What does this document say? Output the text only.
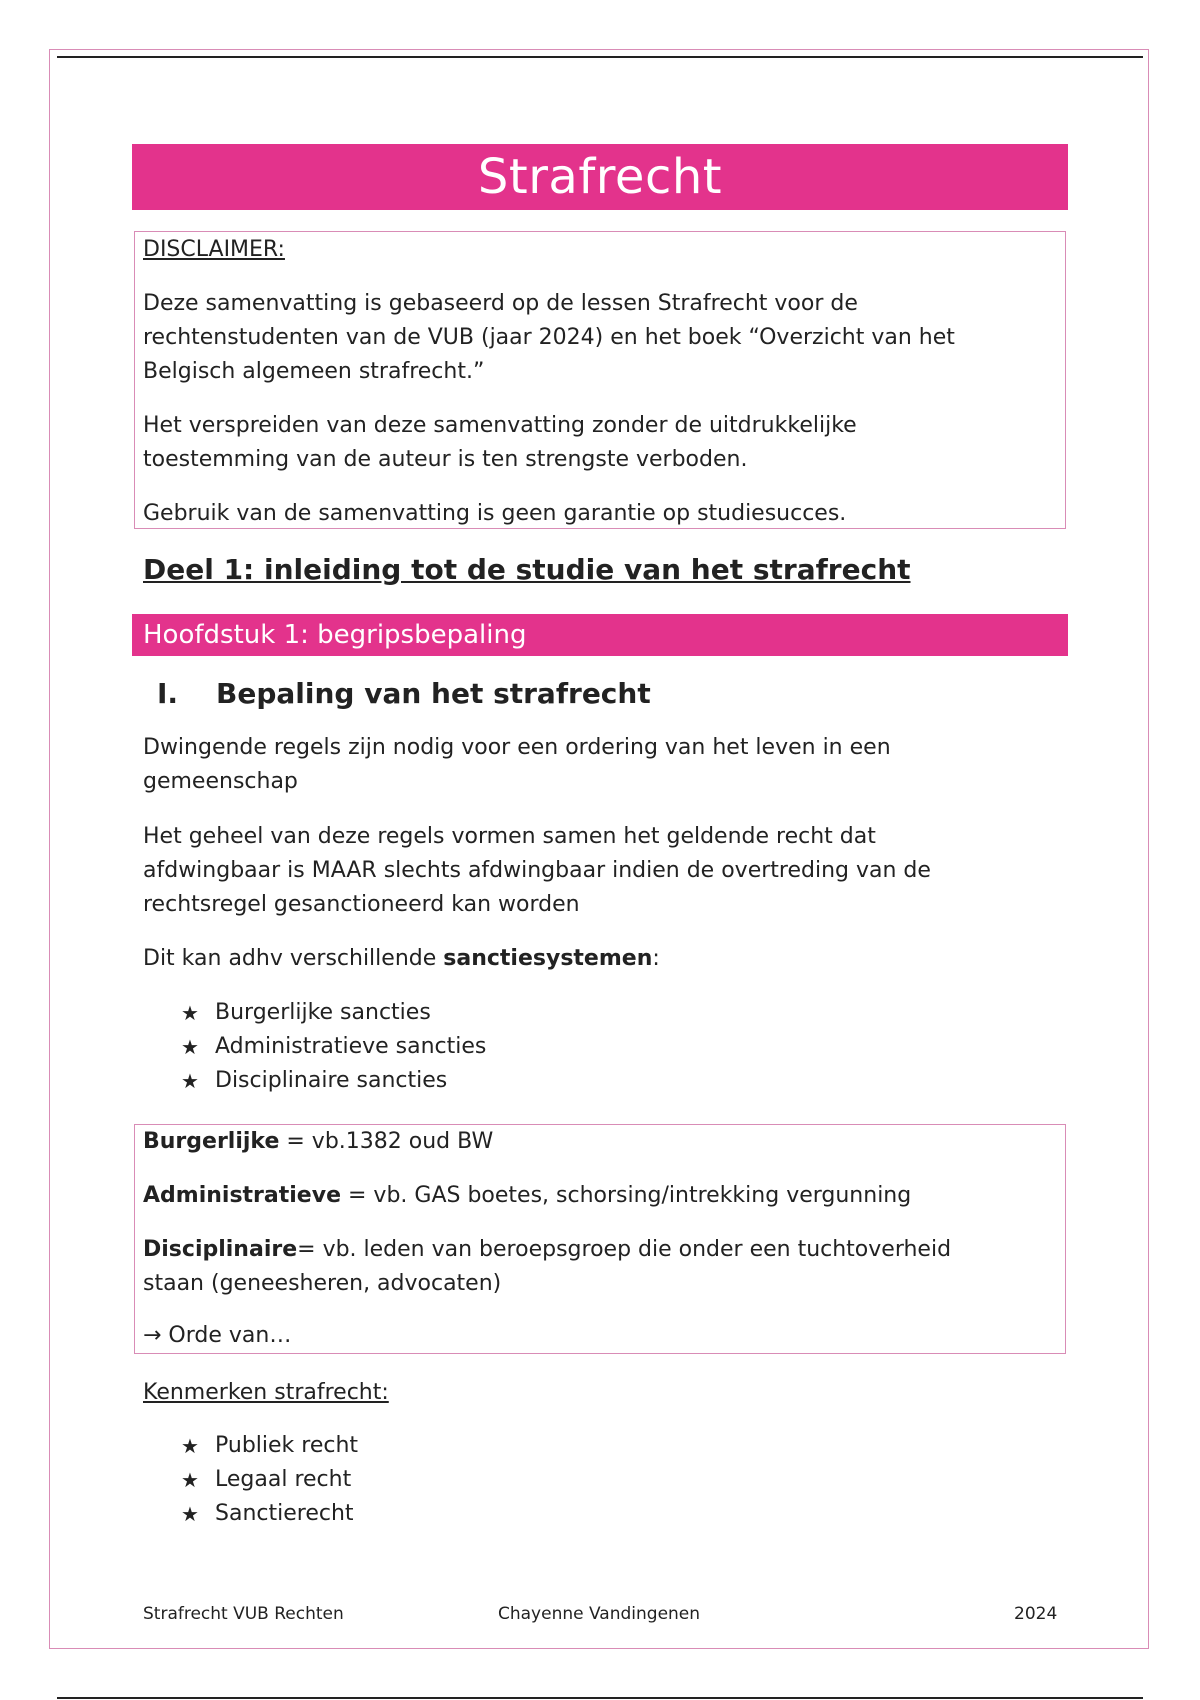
Strafrecht

DISCLAIMER:

Deze samenvatting is gebaseerd op de lessen Strafrecht voor de

rechtenstudenten van de VUB (jaar 2024) en het boek “Overzicht van het

Belgisch algemeen strafrecht.”

Het verspreiden van deze samenvatting zonder de uitdrukkelijke

toestemming van de auteur is ten strengste verboden.

Gebruik van de samenvatting is geen garantie op studiesucces.

Deel 1: inleiding tot de studie van het strafrecht
Hoofdstuk 1: begripsbepaling
I.	Bepaling van het strafrecht

Dwingende regels zijn nodig voor een ordering van het leven in een

gemeenschap

Het geheel van deze regels vormen samen het geldende recht dat

afdwingbaar is MAAR slechts afdwingbaar indien de overtreding van de

rechtsregel gesanctioneerd kan worden

Dit kan adhv verschillende sanctiesystemen:

★ Burgerlijke sancties
★ Administratieve sancties
★ Disciplinaire sancties

Burgerlijke = vb.1382 oud BW

Administratieve = vb. GAS boetes, schorsing/intrekking vergunning

Disciplinaire= vb. leden van beroepsgroep die onder een tuchtoverheid

staan (geneesheren, advocaten)

→ Orde van…

Kenmerken strafrecht:

★ Publiek recht
★ Legaal recht
★ Sanctierecht
Strafrecht VUB Rechten	Chayenne Vandingenen	2024
